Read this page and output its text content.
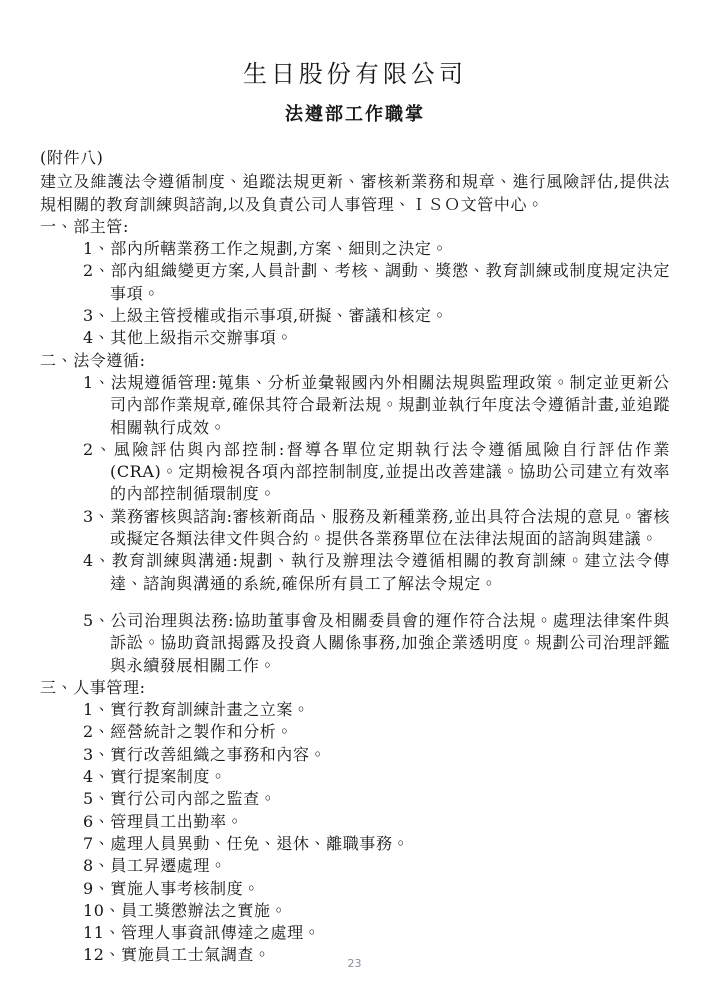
生日股份有限公司
法遵部工作職掌
(附件八)

建立及維護法令遵循制度、追蹤法規更新、審核新業務和規章、進行風險評估,提供法規相關的教育訓練與諮詢,以及負責公司人事管理、ＩＳＯ文管中心。

一、部主管:
1、部內所轄業務工作之規劃,方案、細則之決定。
2、部內組織變更方案,人員計劃、考核、調動、獎懲、教育訓練或制度規定決定事項。
3、上級主管授權或指示事項,研擬、審議和核定。
4、其他上級指示交辦事項。
二、法令遵循:
1、法規遵循管理:蒐集、分析並彙報國內外相關法規與監理政策。制定並更新公司內部作業規章,確保其符合最新法規。規劃並執行年度法令遵循計畫,並追蹤相關執行成效。
2、風險評估與內部控制:督導各單位定期執行法令遵循風險自行評估作業(CRA)。定期檢視各項內部控制制度,並提出改善建議。協助公司建立有效率的內部控制循環制度。
3、業務審核與諮詢:審核新商品、服務及新種業務,並出具符合法規的意見。審核或擬定各類法律文件與合約。提供各業務單位在法律法規面的諮詢與建議。
4、教育訓練與溝通:規劃、執行及辦理法令遵循相關的教育訓練。建立法令傳達、諮詢與溝通的系統,確保所有員工了解法令規定。
5、公司治理與法務:協助董事會及相關委員會的運作符合法規。處理法律案件與訴訟。協助資訊揭露及投資人關係事務,加強企業透明度。規劃公司治理評鑑與永續發展相關工作。
三、人事管理:
1、實行教育訓練計畫之立案。
2、經營統計之製作和分析。
3、實行改善組織之事務和內容。
4、實行提案制度。
5、實行公司內部之監查。
6、管理員工出勤率。
7、處理人員異動、任免、退休、離職事務。
8、員工昇遷處理。
9、實施人事考核制度。
10、員工獎懲辦法之實施。
11、管理人事資訊傳達之處理。
12、實施員工士氣調查。	23
